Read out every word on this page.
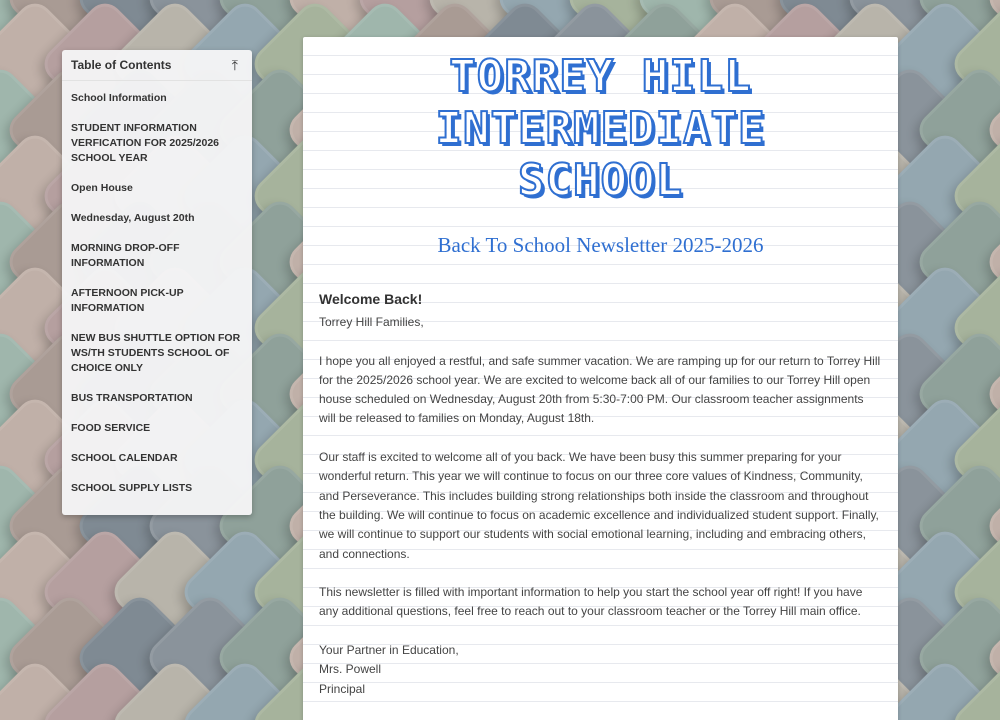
Table of Contents	⤒
School Information
STUDENT INFORMATION VERFICATION FOR 2025/2026 SCHOOL YEAR
Open House
Wednesday, August 20th
MORNING DROP-OFF INFORMATION
AFTERNOON PICK-UP INFORMATION
NEW BUS SHUTTLE OPTION FOR WS/TH STUDENTS SCHOOL OF CHOICE ONLY
BUS TRANSPORTATION
FOOD SERVICE
SCHOOL CALENDAR
SCHOOL SUPPLY LISTS
TORREY HILL
INTERMEDIATE
SCHOOL
Back To School Newsletter 2025-2026
Welcome Back!

Torrey Hill Families,

I hope you all enjoyed a restful, and safe summer vacation. We are ramping up for our return to Torrey Hill for the 2025/2026 school year. We are excited to welcome back all of our families to our Torrey Hill open house scheduled on Wednesday, August 20th from 5:30-7:00 PM. Our classroom teacher assignments will be released to families on Monday, August 18th.

Our staff is excited to welcome all of you back. We have been busy this summer preparing for your wonderful return. This year we will continue to focus on our three core values of Kindness, Community, and Perseverance. This includes building strong relationships both inside the classroom and throughout the building. We will continue to focus on academic excellence and individualized student support. Finally, we will continue to support our students with social emotional learning, including and embracing others, and connections.

This newsletter is filled with important information to help you start the school year off right! If you have any additional questions, feel free to reach out to your classroom teacher or the Torrey Hill main office.

Your Partner in Education,

Mrs. Powell

Principal
